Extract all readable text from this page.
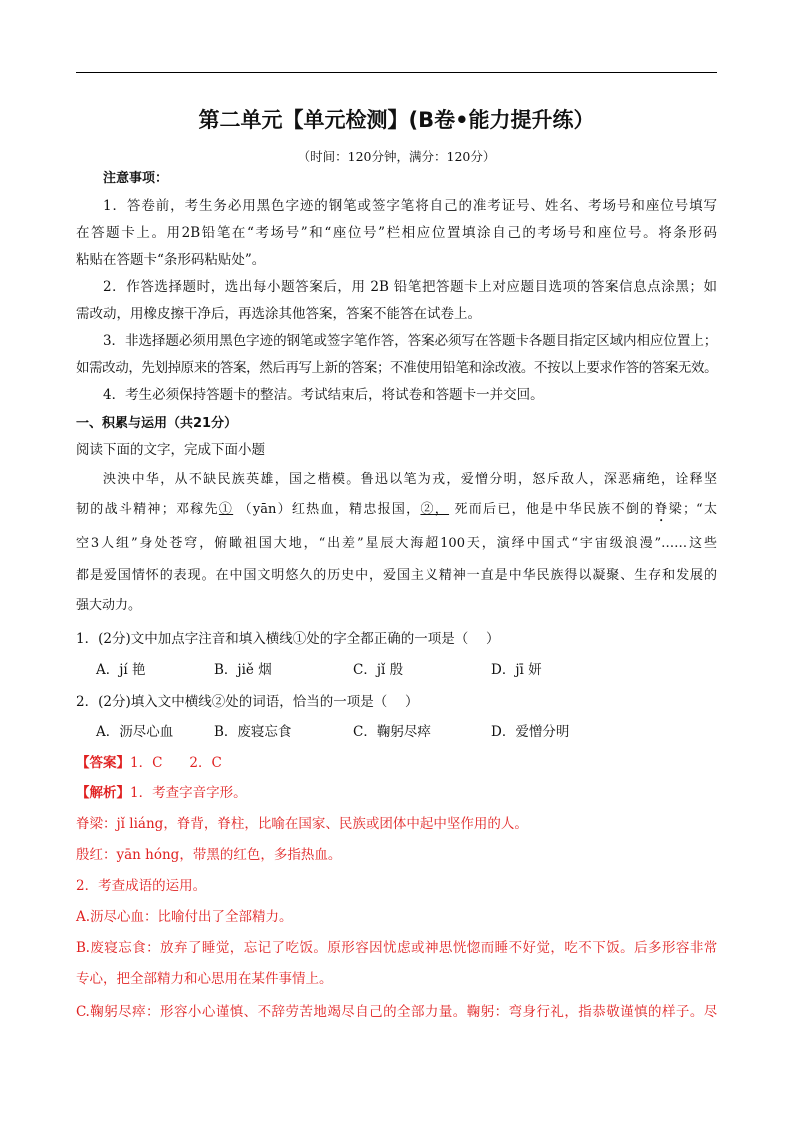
第二单元【单元检测】(B卷•能力提升练）
（时间：120分钟，满分：120分）
注意事项：
1．答卷前，考生务必用黑色字迹的钢笔或签字笔将自己的准考证号、姓名、考场号和座位号填写
在答题卡上。用2B铅笔在“考场号”和“座位号”栏相应位置填涂自己的考场号和座位号。将条形码
粘贴在答题卡“条形码粘贴处”。
2．作答选择题时，选出每小题答案后，用 2B 铅笔把答题卡上对应题目选项的答案信息点涂黑；如
需改动，用橡皮擦干净后，再选涂其他答案，答案不能答在试卷上。
3．非选择题必须用黑色字迹的钢笔或签字笔作答，答案必须写在答题卡各题目指定区域内相应位置上；
如需改动，先划掉原来的答案，然后再写上新的答案；不准使用铅笔和涂改液。不按以上要求作答的答案无效。
4．考生必须保持答题卡的整洁。考试结束后，将试卷和答题卡一并交回。
一、积累与运用（共21分）
阅读下面的文字，完成下面小题
泱泱中华，从不缺民族英雄，国之楷模。鲁迅以笔为戎，爱憎分明，怒斥敌人，深恶痛绝，诠释坚
韧的战斗精神；邓稼先① （yān）红热血，精忠报国，②， 死而后已，他是中华民族不倒的脊梁；“太
空3人组”身处苍穹，俯瞰祖国大地，“出差”星辰大海超100天，演绎中国式“宇宙级浪漫”……这些
都是爱国情怀的表现。在中国文明悠久的历史中，爱国主义精神一直是中华民族得以凝聚、生存和发展的
强大动力。
1．(2分)文中加点字注音和填入横线①处的字全都正确的一项是（　 ）
A．jí 艳	B．jiě 烟	C．jǐ 殷	D．jī 妍
2．(2分)填入文中横线②处的词语，恰当的一项是（　 ）
A．沥尽心血	B．废寝忘食	C．鞠躬尽瘁	D．爱憎分明
【答案】1．C　　2．C
【解析】1．考查字音字形。
脊梁：jǐ liáng，脊背，脊柱，比喻在国家、民族或团体中起中坚作用的人。
殷红：yān hóng，带黑的红色，多指热血。
2．考查成语的运用。
A.沥尽心血：比喻付出了全部精力。
B.废寝忘食：放弃了睡觉，忘记了吃饭。原形容因忧虑或神思恍惚而睡不好觉，吃不下饭。后多形容非常
专心，把全部精力和心思用在某件事情上。
C.鞠躬尽瘁：形容小心谨慎、不辞劳苦地竭尽自己的全部力量。鞠躬：弯身行礼，指恭敬谨慎的样子。尽
